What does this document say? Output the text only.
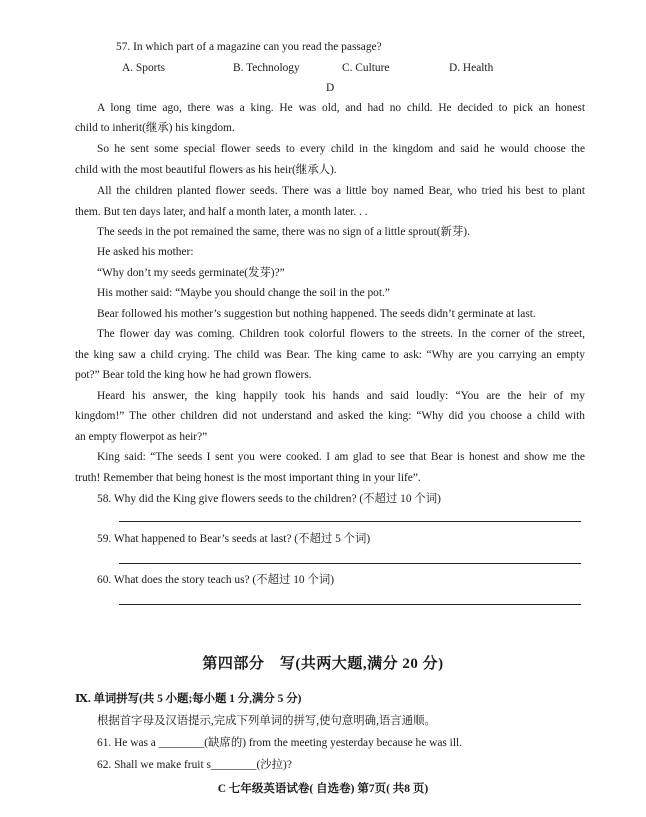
57. In which part of a magazine can you read the passage?
A. Sports	B. Technology	C. Culture	D. Health
D
A long time ago, there was a king. He was old, and had no child. He decided to pick an honest
child to inherit(继承) his kingdom.
So he sent some special flower seeds to every child in the kingdom and said he would choose the
child with the most beautiful flowers as his heir(继承人).
All the children planted flower seeds. There was a little boy named Bear, who tried his best to plant
them. But ten days later, and half a month later, a month later. . .
The seeds in the pot remained the same, there was no sign of a little sprout(新芽).
He asked his mother:
“Why don’t my seeds germinate(发芽)?”
His mother said: “Maybe you should change the soil in the pot.”
Bear followed his mother’s suggestion but nothing happened. The seeds didn’t germinate at last.
The flower day was coming. Children took colorful flowers to the streets. In the corner of the street,
the king saw a child crying. The child was Bear. The king came to ask: “Why are you carrying an empty
pot?” Bear told the king how he had grown flowers.
Heard his answer, the king happily took his hands and said loudly: “You are the heir of my
kingdom!” The other children did not understand and asked the king: “Why did you choose a child with
an empty flowerpot as heir?”
King said: “The seeds I sent you were cooked. I am glad to see that Bear is honest and show me the
truth! Remember that being honest is the most important thing in your life”.
58. Why did the King give flowers seeds to the children? (不超过 10 个词)
59. What happened to Bear’s seeds at last? (不超过 5 个词)
60. What does the story teach us? (不超过 10 个词)
第四部分　写(共两大题,满分 20 分)
Ⅸ. 单词拼写(共 5 小题;每小题 1 分,满分 5 分)
根据首字母及汉语提示,完成下列单词的拼写,使句意明确,语言通顺。
61. He was a ________(缺席的) from the meeting yesterday because he was ill.
62. Shall we make fruit s________(沙拉)?
C 七年级英语试卷( 自选卷) 第7页( 共8 页)
